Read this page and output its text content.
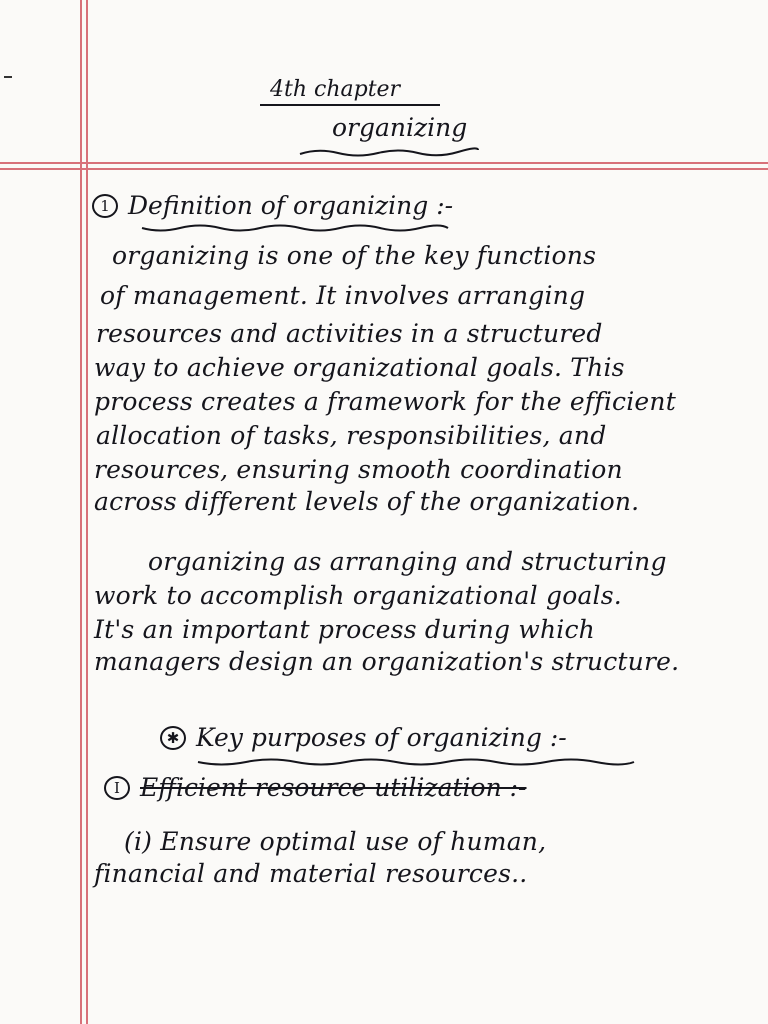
4th chapter
organizing
1 Definition of organizing :-
organizing is one of the key functions
of management. It involves arranging
resources and activities in a structured
way to achieve organizational goals. This
process creates a framework for the efficient
allocation of tasks, responsibilities, and
resources, ensuring smooth coordination
across different levels of the organization.
organizing as arranging and structuring
work to accomplish organizational goals.
It's an important process during which
managers design an organization's structure.
✱ Key purposes of organizing :-
I Efficient resource utilization :-
(i) Ensure optimal use of human,
financial and material resources..
